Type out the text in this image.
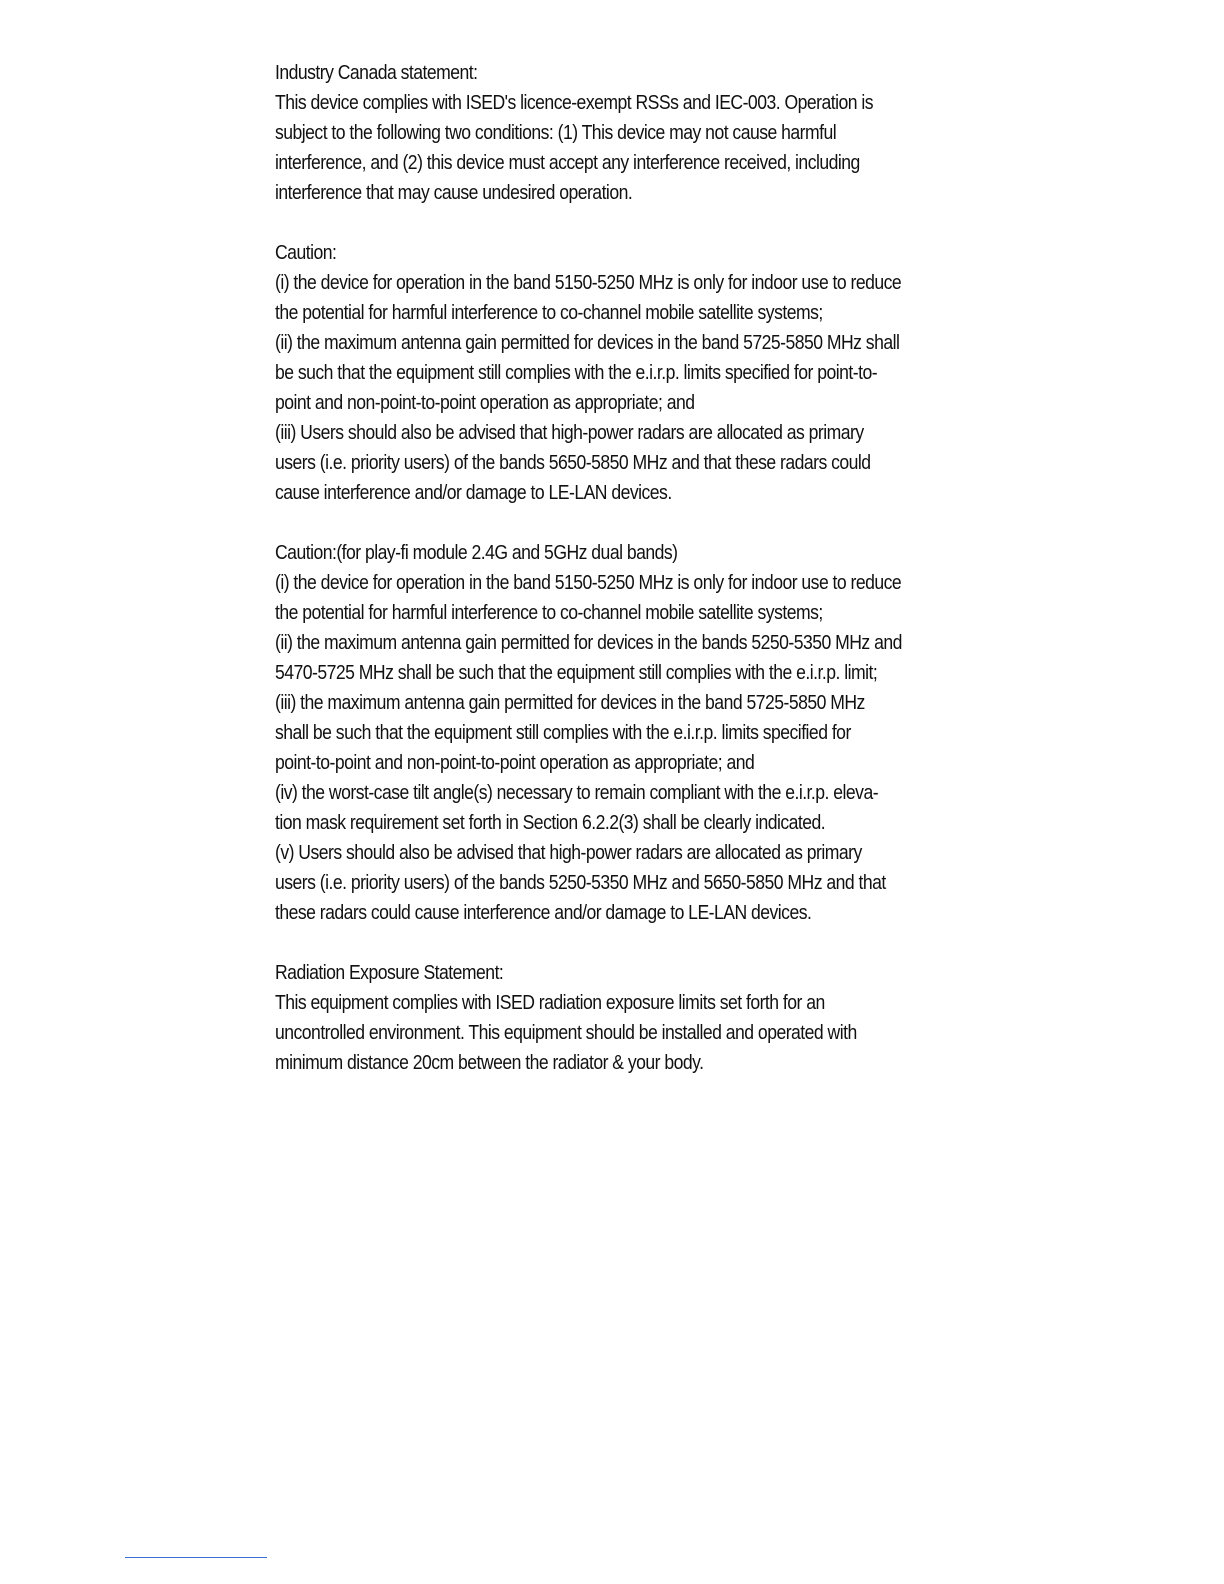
Industry Canada statement:
This device complies with ISED's licence-exempt RSSs and IEC-003. Operation is
subject to the following two conditions: (1) This device may not cause harmful
interference, and (2) this device must accept any interference received, including
interference that may cause undesired operation.
Caution:
(i) the device for operation in the band 5150-5250 MHz is only for indoor use to reduce
the potential for harmful interference to co-channel mobile satellite systems;
(ii) the maximum antenna gain permitted for devices in the band 5725-5850 MHz shall
be such that the equipment still complies with the e.i.r.p. limits specified for point-to-
point and non-point-to-point operation as appropriate; and
(iii) Users should also be advised that high-power radars are allocated as primary
users (i.e. priority users) of the bands 5650-5850 MHz and that these radars could
cause interference and/or damage to LE-LAN devices.
Caution:(for play-fi module 2.4G and 5GHz dual bands)
(i) the device for operation in the band 5150-5250 MHz is only for indoor use to reduce
the potential for harmful interference to co-channel mobile satellite systems;
(ii) the maximum antenna gain permitted for devices in the bands 5250-5350 MHz and
5470-5725 MHz shall be such that the equipment still complies with the e.i.r.p. limit;
(iii) the maximum antenna gain permitted for devices in the band 5725-5850 MHz
shall be such that the equipment still complies with the e.i.r.p. limits specified for
point-to-point and non-point-to-point operation as appropriate; and
(iv) the worst-case tilt angle(s) necessary to remain compliant with the e.i.r.p. eleva-
tion mask requirement set forth in Section 6.2.2(3) shall be clearly indicated.
(v) Users should also be advised that high-power radars are allocated as primary
users (i.e. priority users) of the bands 5250-5350 MHz and 5650-5850 MHz and that
these radars could cause interference and/or damage to LE-LAN devices.
Radiation Exposure Statement:
This equipment complies with ISED radiation exposure limits set forth for an
uncontrolled environment. This equipment should be installed and operated with
minimum distance 20cm between the radiator & your body.
